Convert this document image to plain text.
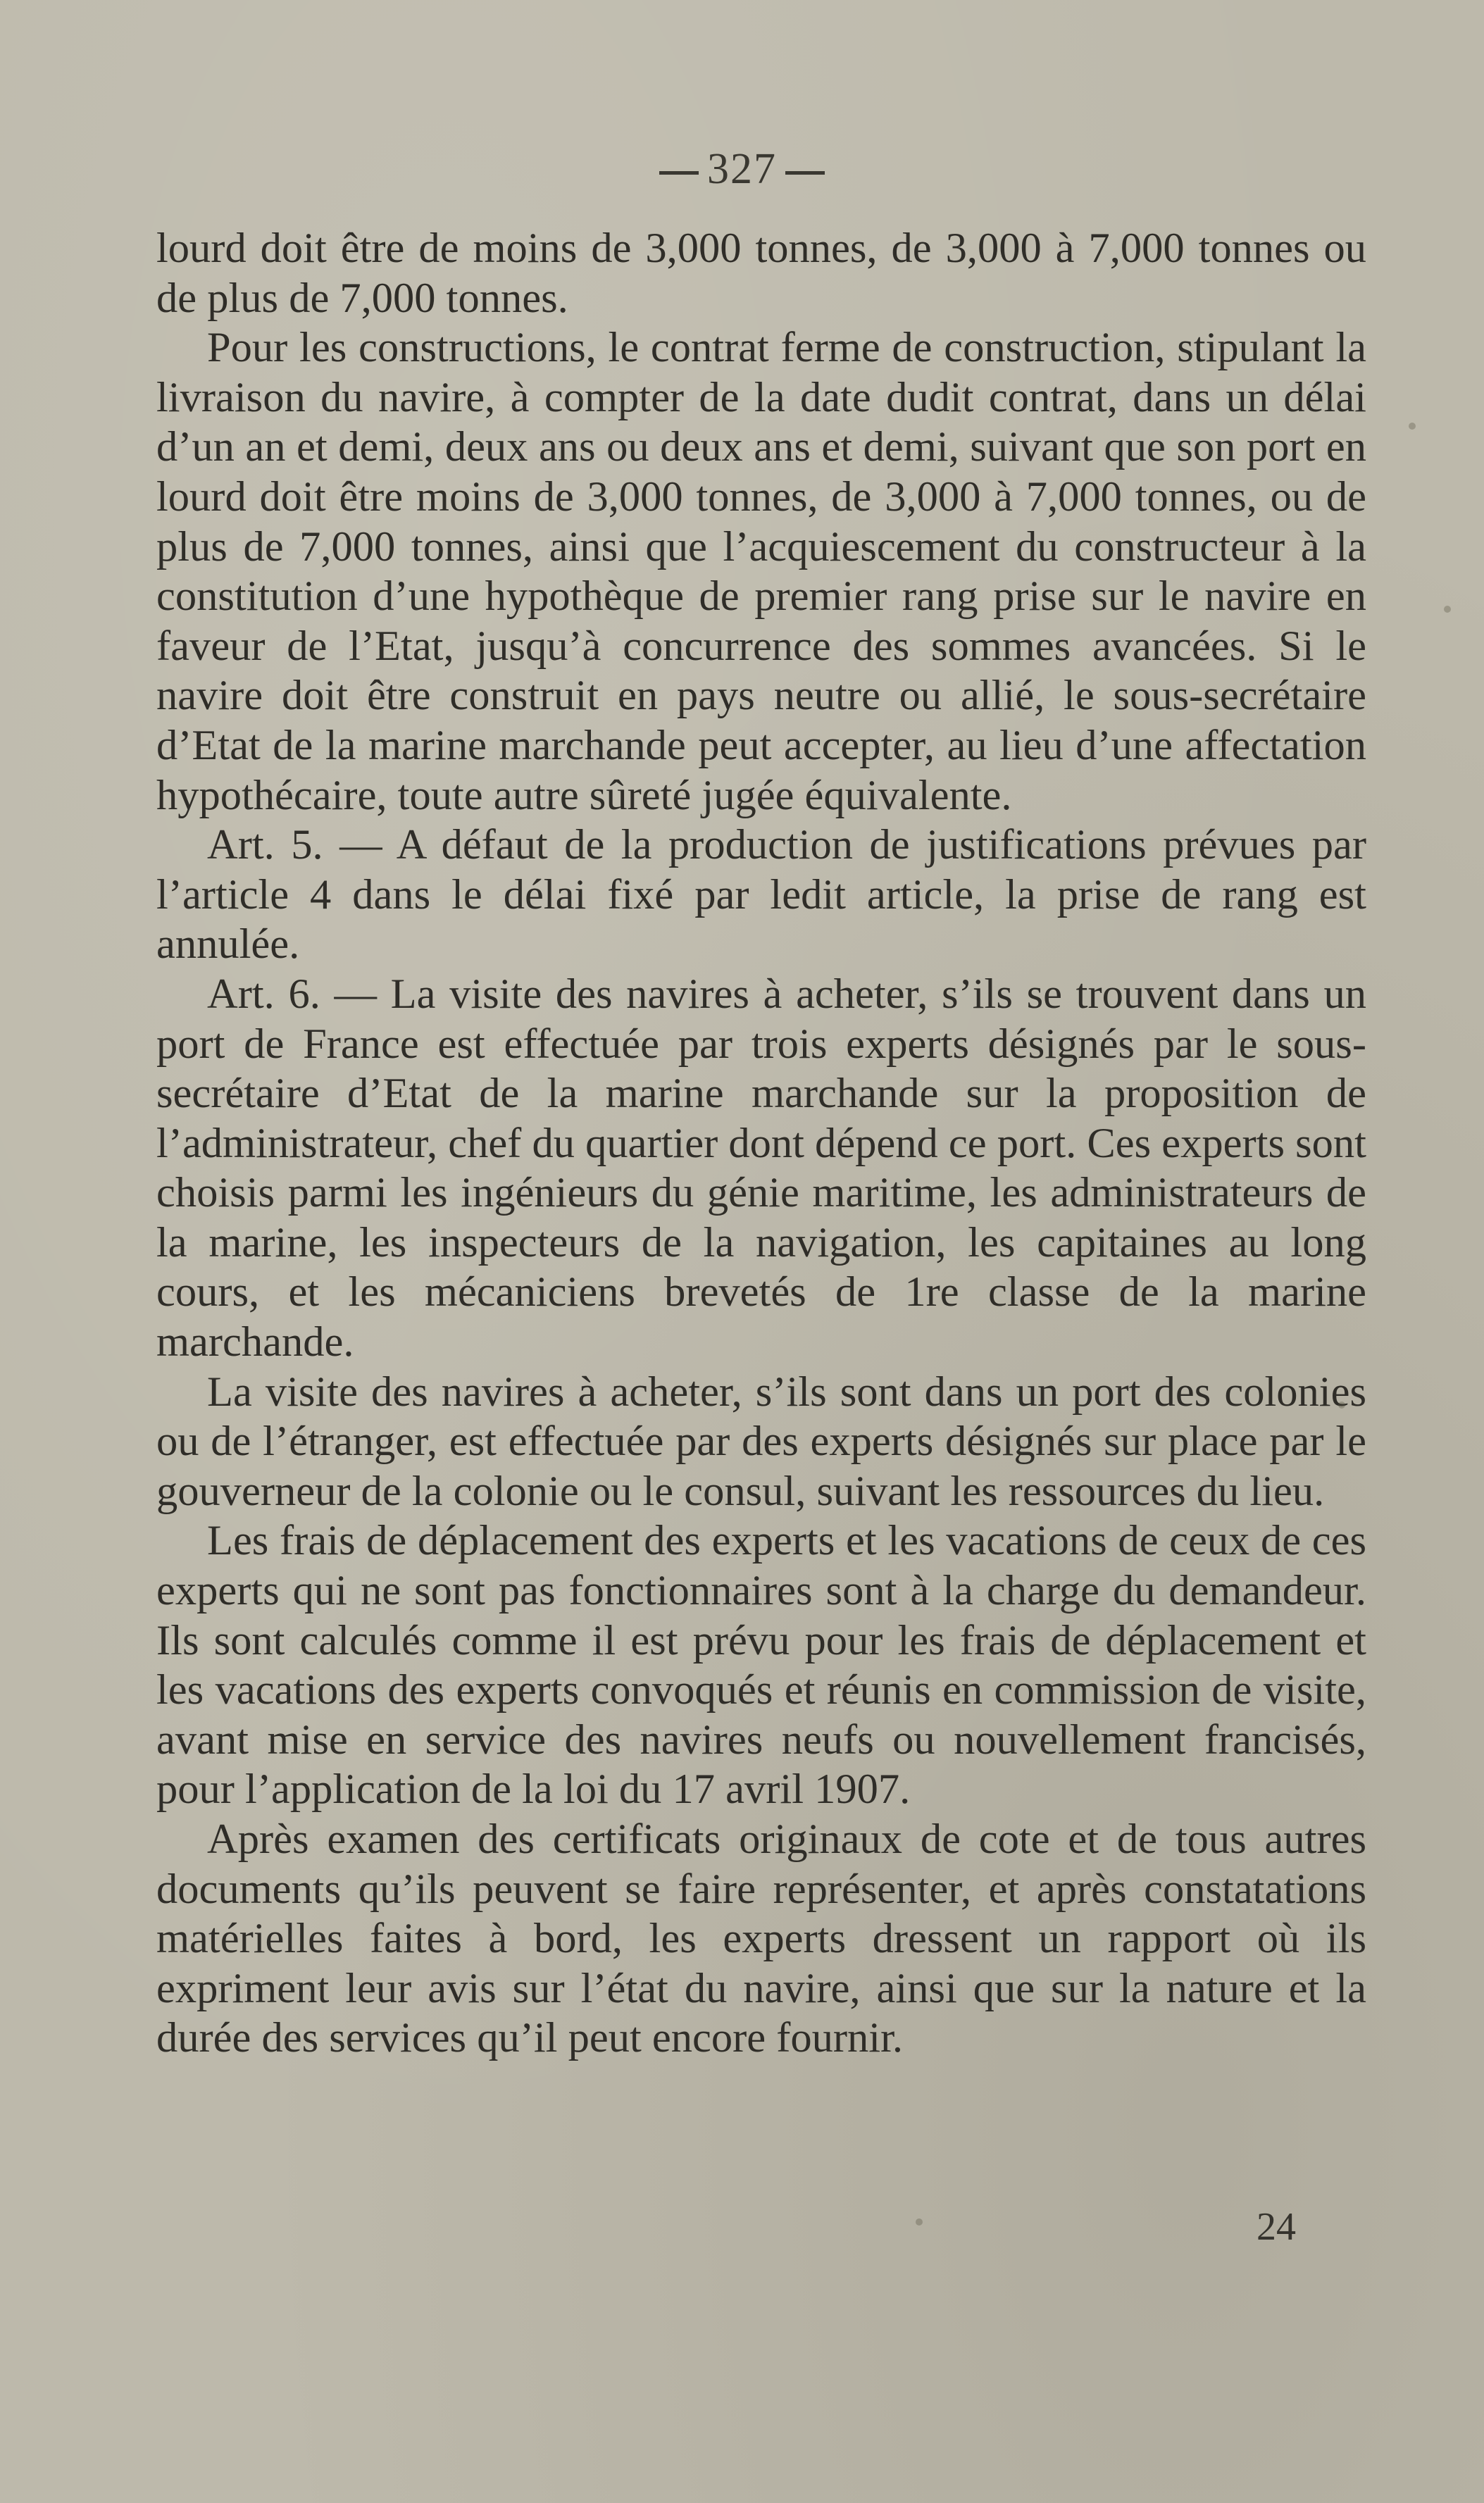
327

lourd doit être de moins de 3,000 tonnes, de 3,000 à 7,000 tonnes ou de plus de 7,000 tonnes.

Pour les constructions, le contrat ferme de construction, stipulant la livraison du navire, à compter de la date dudit contrat, dans un délai d’un an et demi, deux ans ou deux ans et demi, suivant que son port en lourd doit être moins de 3,000 tonnes, de 3,000 à 7,000 tonnes, ou de plus de 7,000 tonnes, ainsi que l’acquiescement du constructeur à la constitution d’une hypothèque de premier rang prise sur le navire en faveur de l’Etat, jusqu’à concurrence des sommes avancées. Si le navire doit être construit en pays neutre ou allié, le sous-secrétaire d’Etat de la marine marchande peut accepter, au lieu d’une affectation hypothécaire, toute autre sûreté jugée équivalente.

Art. 5. — A défaut de la production de justifications prévues par l’article 4 dans le délai fixé par ledit article, la prise de rang est annulée.

Art. 6. — La visite des navires à acheter, s’ils se trouvent dans un port de France est effectuée par trois experts désignés par le sous-secrétaire d’Etat de la marine marchande sur la proposition de l’administrateur, chef du quartier dont dépend ce port. Ces experts sont choisis parmi les ingénieurs du génie maritime, les administrateurs de la marine, les inspecteurs de la navigation, les capitaines au long cours, et les mécaniciens brevetés de 1re classe de la marine marchande.

La visite des navires à acheter, s’ils sont dans un port des colonies ou de l’étranger, est effectuée par des experts désignés sur place par le gouverneur de la colonie ou le consul, suivant les ressources du lieu.

Les frais de déplacement des experts et les vacations de ceux de ces experts qui ne sont pas fonctionnaires sont à la charge du demandeur. Ils sont calculés comme il est prévu pour les frais de déplacement et les vacations des experts convoqués et réunis en commission de visite, avant mise en service des navires neufs ou nouvellement francisés, pour l’application de la loi du 17 avril 1907.

Après examen des certificats originaux de cote et de tous autres documents qu’ils peuvent se faire représenter, et après constatations matérielles faites à bord, les experts dressent un rapport où ils expriment leur avis sur l’état du navire, ainsi que sur la nature et la durée des services qu’il peut encore fournir.

24
